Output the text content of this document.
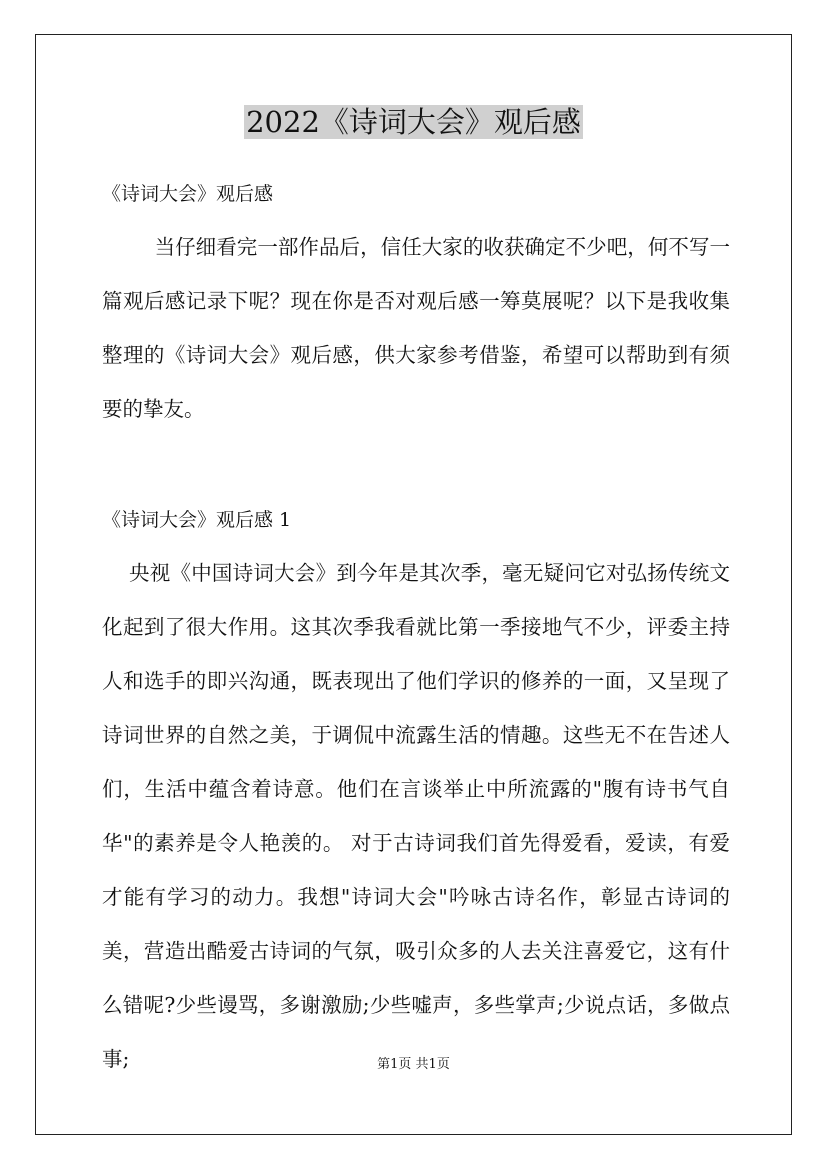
2022《诗词大会》观后感
《诗词大会》观后感

当仔细看完一部作品后，信任大家的收获确定不少吧，何不写一篇观后感记录下呢？现在你是否对观后感一筹莫展呢？以下是我收集整理的《诗词大会》观后感，供大家参考借鉴，希望可以帮助到有须要的挚友。

《诗词大会》观后感 1

央视《中国诗词大会》到今年是其次季，毫无疑问它对弘扬传统文化起到了很大作用。这其次季我看就比第一季接地气不少，评委主持人和选手的即兴沟通，既表现出了他们学识的修养的一面，又呈现了诗词世界的自然之美，于调侃中流露生活的情趣。这些无不在告述人们，生活中蕴含着诗意。他们在言谈举止中所流露的"腹有诗书气自华"的素养是令人艳羡的。 对于古诗词我们首先得爱看，爱读，有爱才能有学习的动力。我想"诗词大会"吟咏古诗名作，彰显古诗词的美，营造出酷爱古诗词的气氛，吸引众多的人去关注喜爱它，这有什么错呢?少些谩骂，多谢激励;少些嘘声，多些掌声;少说点话，多做点事;	第1页 共1页
